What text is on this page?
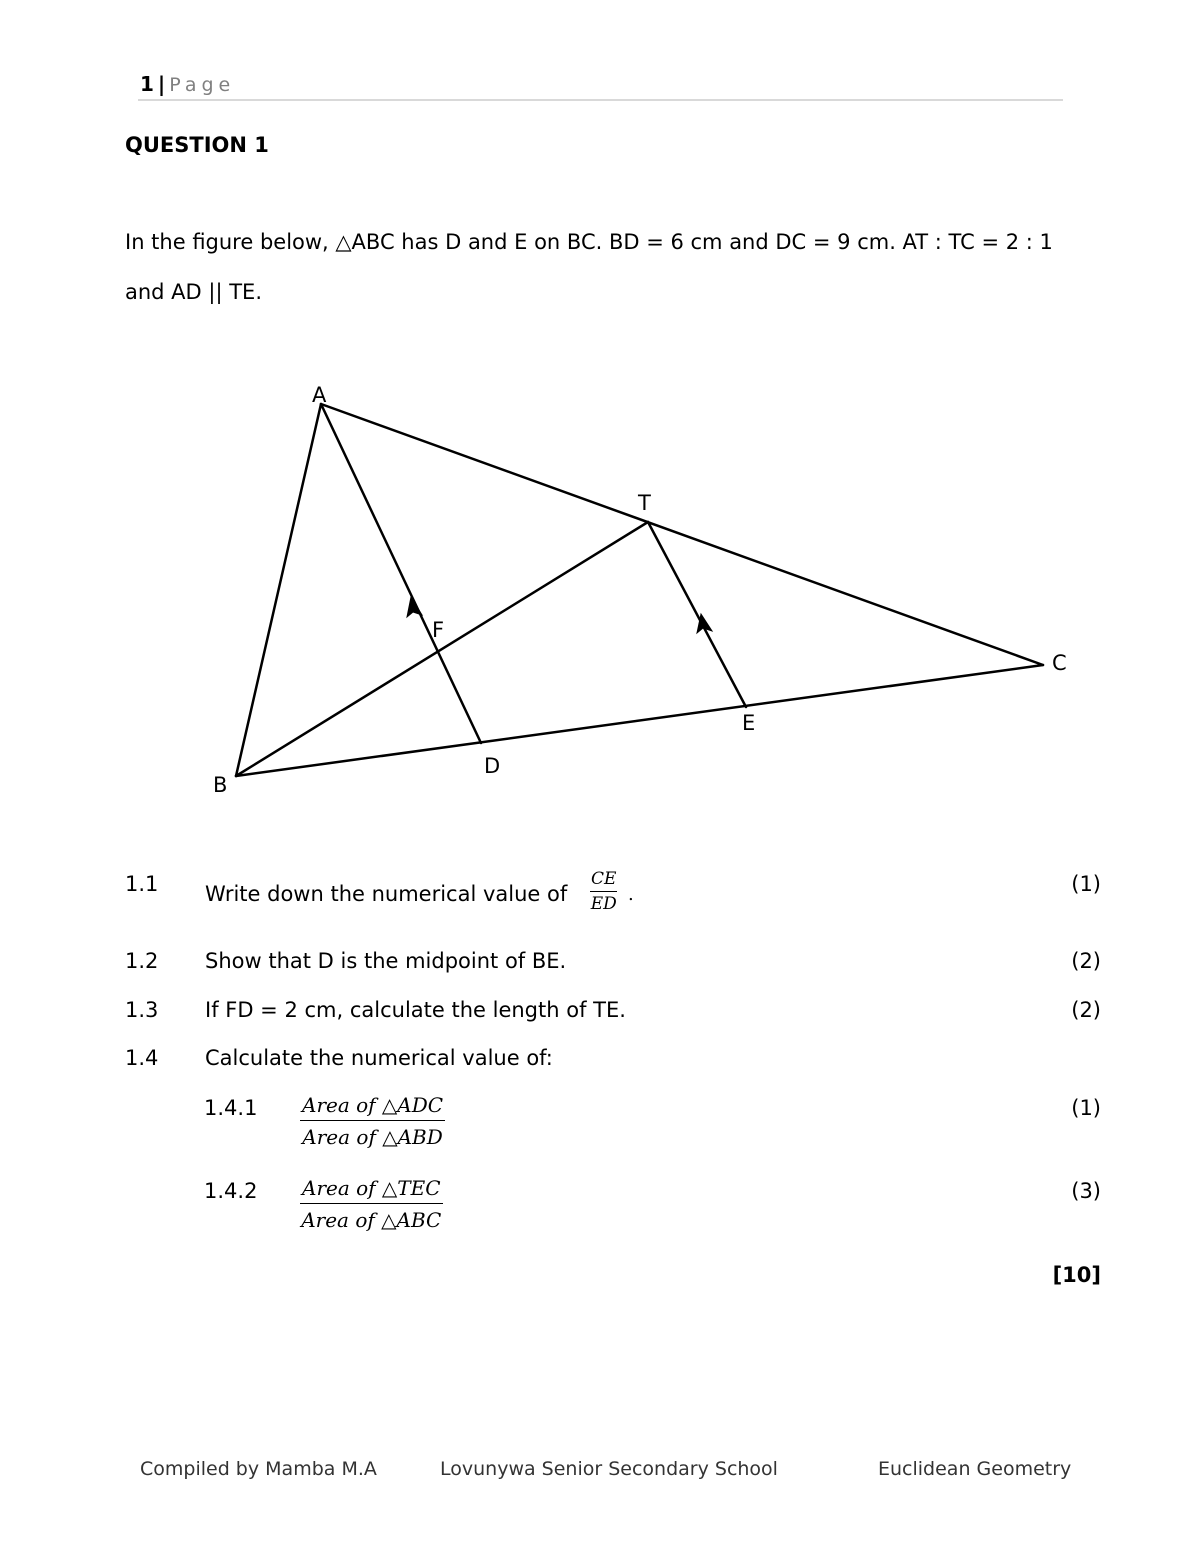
1 | Page
QUESTION 1
In the figure below, △ABC has D and E on BC. BD = 6 cm and DC = 9 cm. AT : TC = 2 : 1
and AD || TE.
A
B
C
D
E
F
T
1.1 Write down the numerical value of $\frac{CE}{ED}$ .	(1)
1.2 Show that D is the midpoint of BE.	(2)
1.3 If FD = 2 cm, calculate the length of TE.	(2)
1.4 Calculate the numerical value of:
1.4.1 Area of △ADC
Area of △ABD
(1)
1.4.2 Area of △TEC
Area of △ABC
(3)
[10]
Compiled by Mamba M.A	Lovunywa Senior Secondary School	Euclidean Geometry
